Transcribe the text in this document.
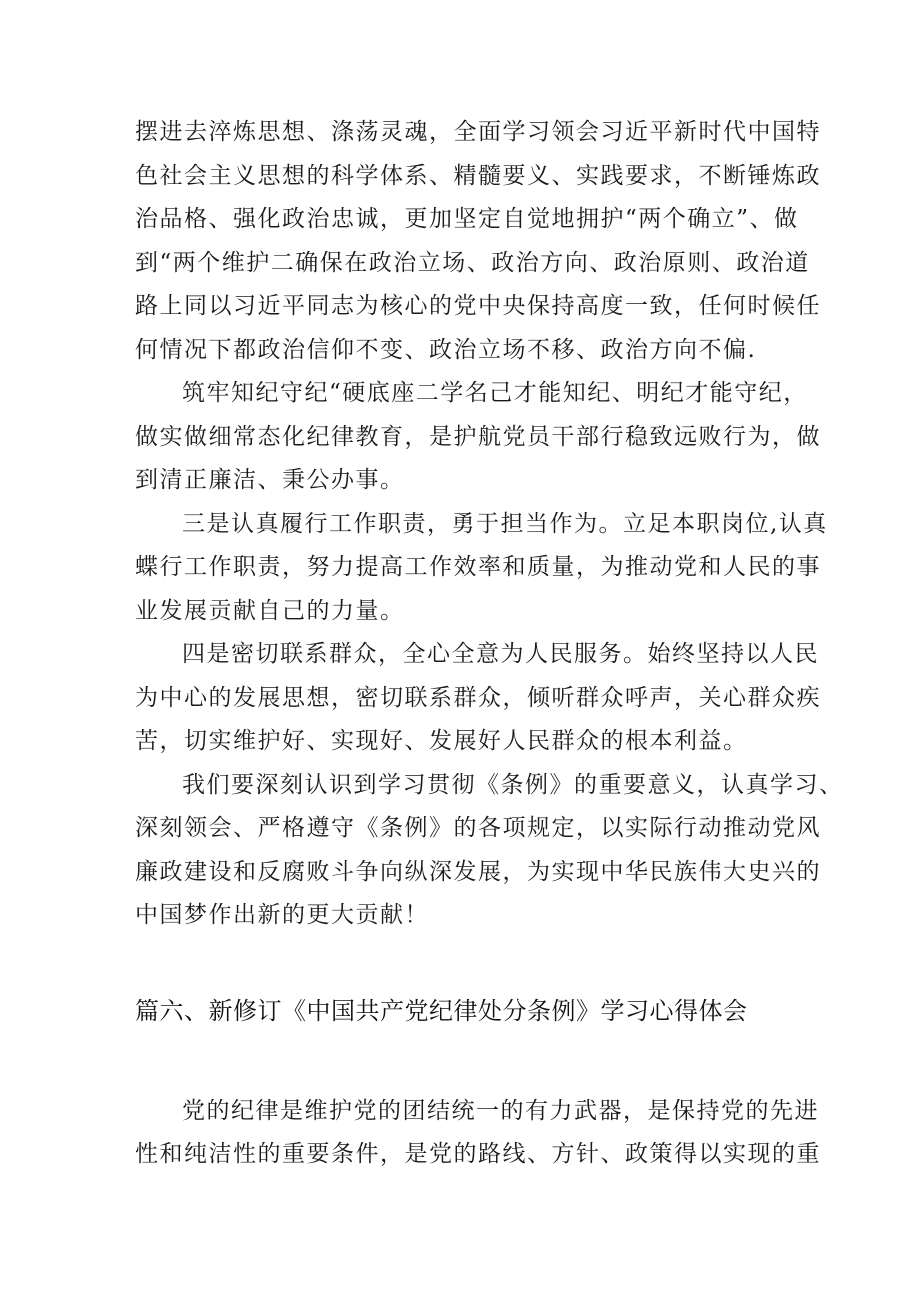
摆进去淬炼思想、涤荡灵魂，全面学习领会习近平新时代中国特
色社会主义思想的科学体系、精髓要义、实践要求，不断锤炼政
治品格、强化政治忠诚，更加坚定自觉地拥护“两个确立”、做
到“两个维护二确保在政治立场、政治方向、政治原则、政治道
路上同以习近平同志为核心的党中央保持高度一致，任何时候任
何情况下都政治信仰不变、政治立场不移、政治方向不偏.
筑牢知纪守纪“硬底座二学名己才能知纪、明纪才能守纪，
做实做细常态化纪律教育，是护航党员干部行稳致远败行为，做
到清正廉洁、秉公办事。
三是认真履行工作职责，勇于担当作为。立足本职岗位,认真
蝶行工作职责，努力提高工作效率和质量，为推动党和人民的事
业发展贡献自己的力量。
四是密切联系群众，全心全意为人民服务。始终坚持以人民
为中心的发展思想，密切联系群众，倾听群众呼声，关心群众疾
苦，切实维护好、实现好、发展好人民群众的根本利益。
我们要深刻认识到学习贯彻《条例》的重要意义，认真学习、
深刻领会、严格遵守《条例》的各项规定，以实际行动推动党风
廉政建设和反腐败斗争向纵深发展，为实现中华民族伟大史兴的
中国梦作出新的更大贡献！
篇六、新修订《中国共产党纪律处分条例》学习心得体会
党的纪律是维护党的团结统一的有力武器，是保持党的先进
性和纯洁性的重要条件，是党的路线、方针、政策得以实现的重
